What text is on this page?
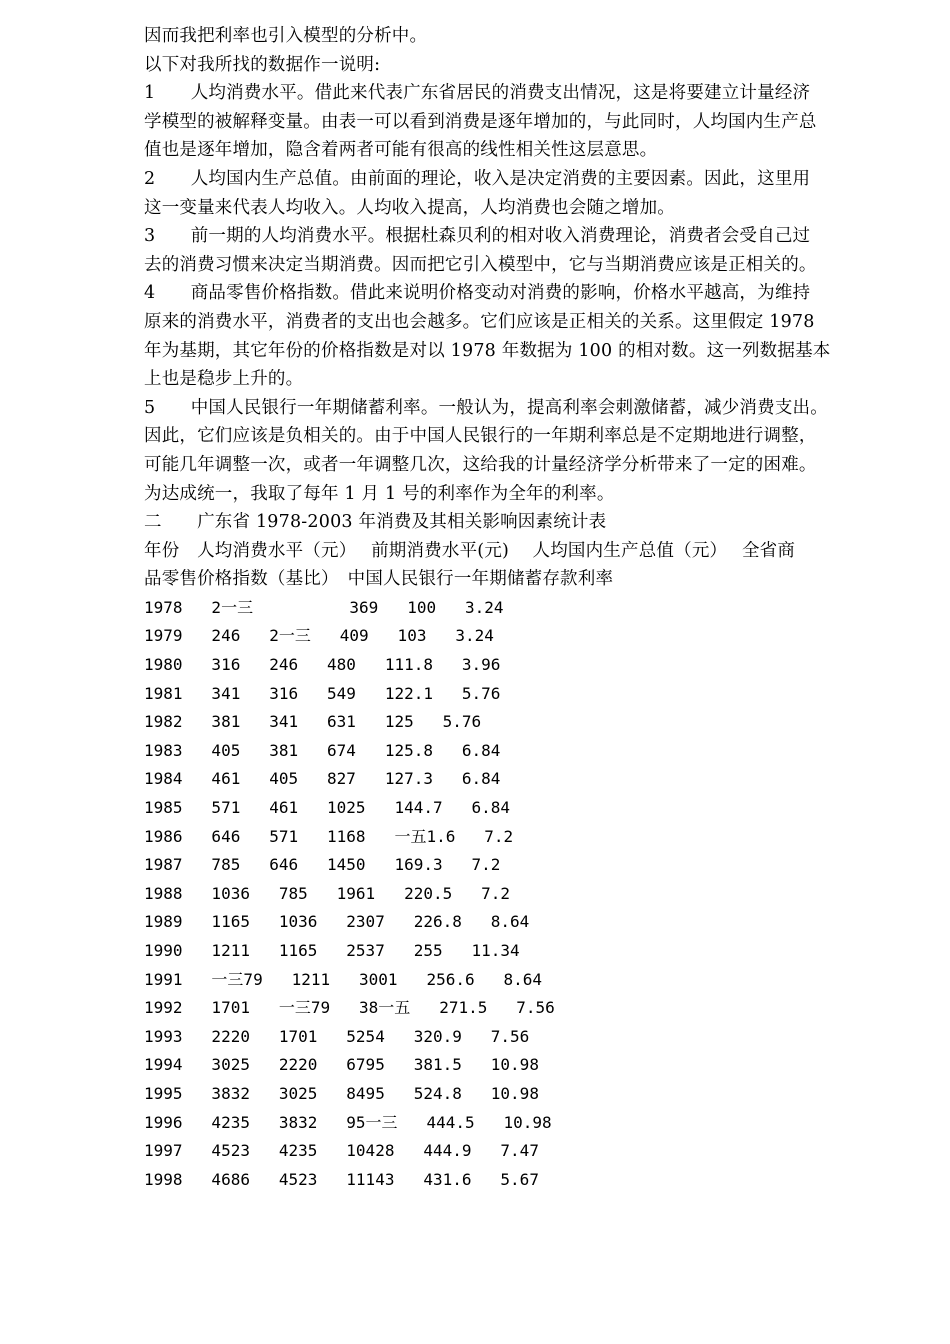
因而我把利率也引入模型的分析中。
以下对我所找的数据作一说明:
1　　人均消费水平。借此来代表广东省居民的消费支出情况，这是将要建立计量经济
学模型的被解释变量。由表一可以看到消费是逐年增加的，与此同时，人均国内生产总
值也是逐年增加，隐含着两者可能有很高的线性相关性这层意思。
2　　人均国内生产总值。由前面的理论，收入是决定消费的主要因素。因此，这里用
这一变量来代表人均收入。人均收入提高，人均消费也会随之增加。
3　　前一期的人均消费水平。根据杜森贝利的相对收入消费理论，消费者会受自己过
去的消费习惯来决定当期消费。因而把它引入模型中，它与当期消费应该是正相关的。
4　　商品零售价格指数。借此来说明价格变动对消费的影响，价格水平越高，为维持
原来的消费水平，消费者的支出也会越多。它们应该是正相关的关系。这里假定 1978
年为基期，其它年份的价格指数是对以 1978 年数据为 100 的相对数。这一列数据基本
上也是稳步上升的。
5　　中国人民银行一年期储蓄利率。一般认为，提高利率会刺激储蓄，减少消费支出。
因此，它们应该是负相关的。由于中国人民银行的一年期利率总是不定期地进行调整，
可能几年调整一次，或者一年调整几次，这给我的计量经济学分析带来了一定的困难。
为达成统一，我取了每年 1 月 1 号的利率作为全年的利率。
二　　广东省 1978-2003 年消费及其相关影响因素统计表
年份　人均消费水平（元）　 前期消费水平(元)　 人均国内生产总值（元）　 全省商
品零售价格指数（基比）　中国人民银行一年期储蓄存款利率
1978   2一三          369   100   3.24
1979   246   2一三   409   103   3.24
1980   316   246   480   111.8   3.96
1981   341   316   549   122.1   5.76
1982   381   341   631   125   5.76
1983   405   381   674   125.8   6.84
1984   461   405   827   127.3   6.84
1985   571   461   1025   144.7   6.84
1986   646   571   1168   一五1.6   7.2
1987   785   646   1450   169.3   7.2
1988   1036   785   1961   220.5   7.2
1989   1165   1036   2307   226.8   8.64
1990   1211   1165   2537   255   11.34
1991   一三79   1211   3001   256.6   8.64
1992   1701   一三79   38一五   271.5   7.56
1993   2220   1701   5254   320.9   7.56
1994   3025   2220   6795   381.5   10.98
1995   3832   3025   8495   524.8   10.98
1996   4235   3832   95一三   444.5   10.98
1997   4523   4235   10428   444.9   7.47
1998   4686   4523   11143   431.6   5.67
